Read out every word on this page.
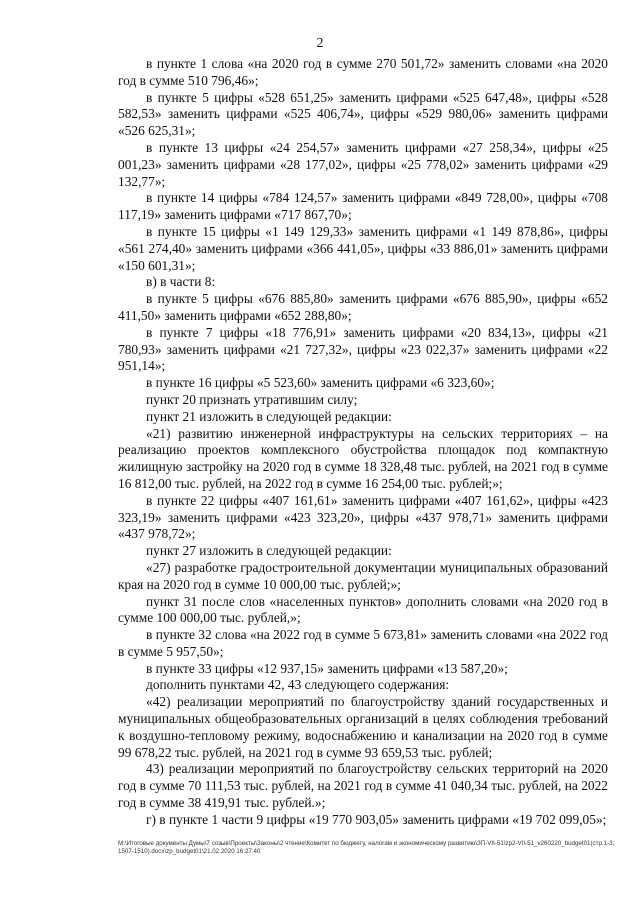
2

в пункте 1 слова «на 2020 год в сумме 270 501,72» заменить словами «на 2020 год в сумме 510 796,46»;

в пункте 5 цифры «528 651,25» заменить цифрами «525 647,48», цифры «528 582,53» заменить цифрами «525 406,74», цифры «529 980,06» заменить цифрами «526 625,31»;

в пункте 13 цифры «24 254,57» заменить цифрами «27 258,34», цифры «25 001,23» заменить цифрами «28 177,02», цифры «25 778,02» заменить цифрами «29 132,77»;

в пункте 14 цифры «784 124,57» заменить цифрами «849 728,00», цифры «708 117,19» заменить цифрами «717 867,70»;

в пункте 15 цифры «1 149 129,33» заменить цифрами «1 149 878,86», цифры «561 274,40» заменить цифрами «366 441,05», цифры «33 886,01» заменить цифрами «150 601,31»;

в) в части 8:

в пункте 5 цифры «676 885,80» заменить цифрами «676 885,90», цифры «652 411,50» заменить цифрами «652 288,80»;

в пункте 7 цифры «18 776,91» заменить цифрами «20 834,13», цифры «21 780,93» заменить цифрами «21 727,32», цифры «23 022,37» заменить цифрами «22 951,14»;

в пункте 16 цифры «5 523,60» заменить цифрами «6 323,60»;

пункт 20 признать утратившим силу;

пункт 21 изложить в следующей редакции:

«21) развитию инженерной инфраструктуры на сельских территориях – на реализацию проектов комплексного обустройства площадок под компактную жилищную застройку на 2020 год в сумме 18 328,48 тыс. рублей, на 2021 год в сумме 16 812,00 тыс. рублей, на 2022 год в сумме 16 254,00 тыс. рублей;»;

в пункте 22 цифры «407 161,61» заменить цифрами «407 161,62», цифры «423 323,19» заменить цифрами «423 323,20», цифры «437 978,71» заменить цифрами «437 978,72»;

пункт 27 изложить в следующей редакции:

«27) разработке градостроительной документации муниципальных образований края на 2020 год в сумме 10 000,00 тыс. рублей;»;

пункт 31 после слов «населенных пунктов» дополнить словами «на 2020 год в сумме 100 000,00 тыс. рублей,»;

в пункте 32 слова «на 2022 год в сумме 5 673,81» заменить словами «на 2022 год в сумме 5 957,50»;

в пункте 33 цифры «12 937,15» заменить цифрами «13 587,20»;

дополнить пунктами 42, 43 следующего содержания:

«42) реализации мероприятий по благоустройству зданий государственных и муниципальных общеобразовательных организаций в целях соблюдения требований к воздушно-тепловому режиму, водоснабжению и канализации на 2020 год в сумме 99 678,22 тыс. рублей, на 2021 год в сумме 93 659,53 тыс. рублей;

43) реализации мероприятий по благоустройству сельских территорий на 2020 год в сумме 70 111,53 тыс. рублей, на 2021 год в сумме 41 040,34 тыс. рублей, на 2022 год в сумме 38 419,91 тыс. рублей.»;

г) в пункте 1 части 9 цифры «19 770 903,05» заменить цифрами «19 702 099,05»;

M:\Итоговые документы Думы\7 созыв\Проекты\Законы\2 чтение\Комитет по бюджету, налогам и экономическому развитию\ЗП-VII-51\zp2-VII-51_v260220_budget01(стр.1-3, 1507-1510).docx\zp_budget01\21.02.2020 16:27:40
